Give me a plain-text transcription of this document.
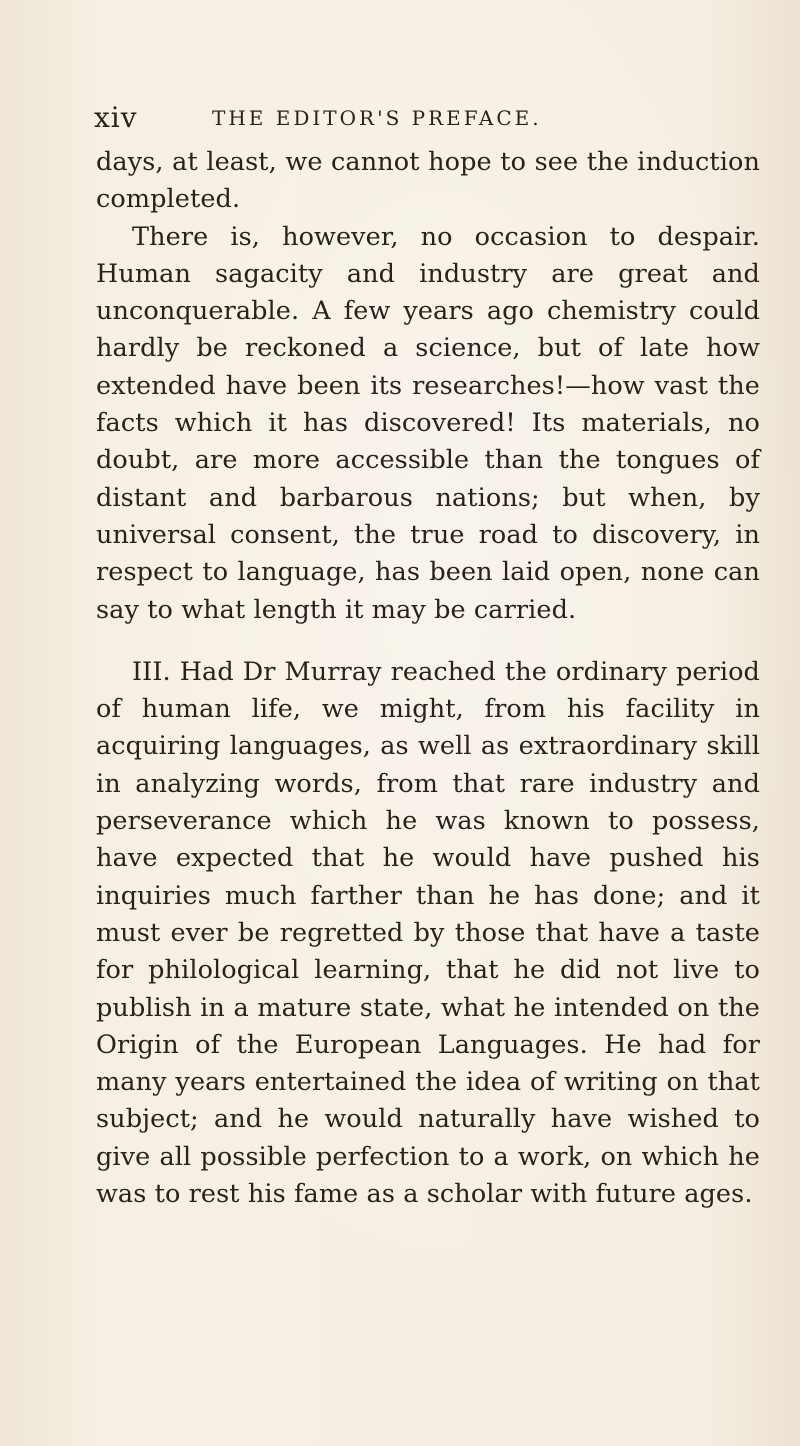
xiv	THE EDITOR'S PREFACE.

days, at least, we cannot hope to see the induction completed.

There is, however, no occasion to despair. Human sagacity and industry are great and unconquerable. A few years ago chemistry could hardly be reckoned a science, but of late how extended have been its researches!—how vast the facts which it has discovered! Its materials, no doubt, are more accessible than the tongues of distant and barbarous nations; but when, by universal consent, the true road to discovery, in respect to language, has been laid open, none can say to what length it may be carried.

III. Had Dr Murray reached the ordinary period of human life, we might, from his facility in acquiring languages, as well as extraordinary skill in analyzing words, from that rare industry and perseverance which he was known to possess, have expected that he would have pushed his inquiries much farther than he has done; and it must ever be regretted by those that have a taste for philological learning, that he did not live to publish in a mature state, what he intended on the Origin of the European Languages. He had for many years entertained the idea of writing on that subject; and he would naturally have wished to give all possible perfection to a work, on which he was to rest his fame as a scholar with future ages.
